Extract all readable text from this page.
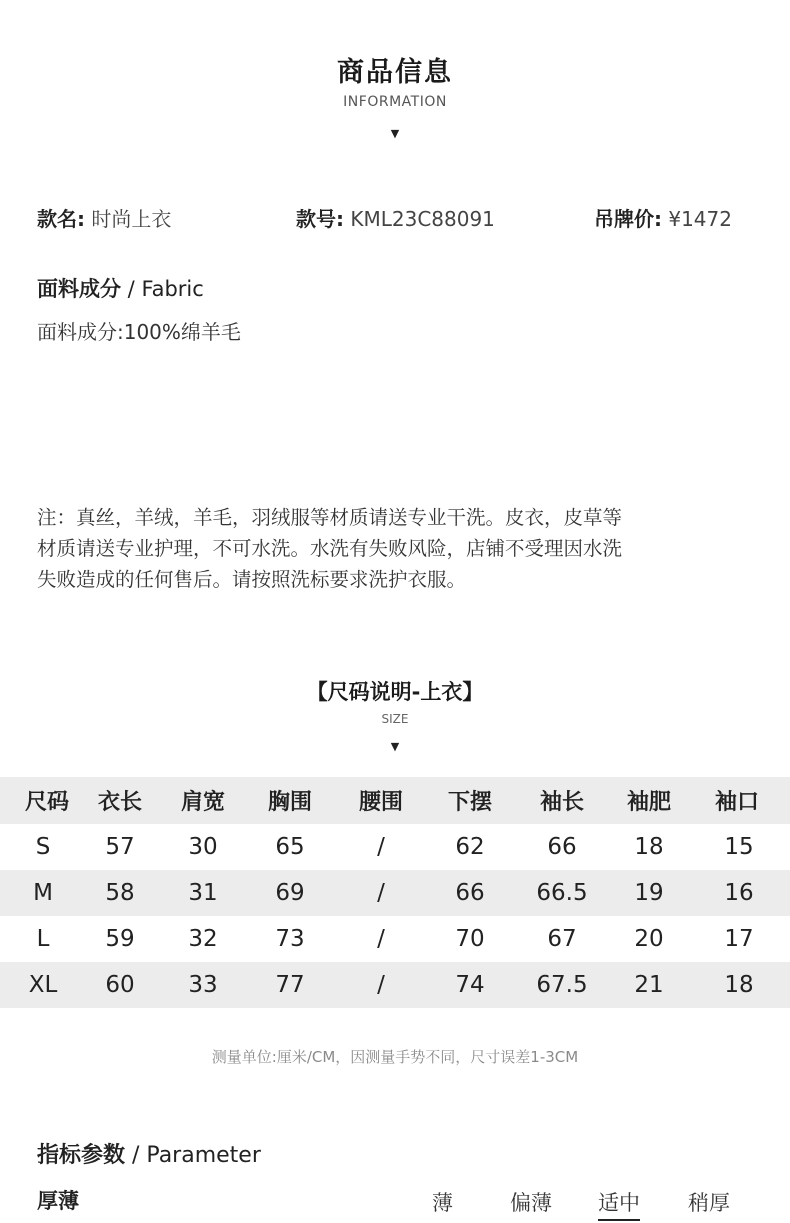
商品信息
INFORMATION
▼
款名: 时尚上衣	款号: KML23C88091	吊牌价: ¥1472
面料成分 / Fabric
面料成分:100%绵羊毛
注：真丝，羊绒，羊毛，羽绒服等材质请送专业干洗。皮衣，皮草等
材质请送专业护理，不可水洗。水洗有失败风险，店铺不受理因水洗
失败造成的任何售后。请按照洗标要求洗护衣服。
【尺码说明-上衣】
SIZE
▼
尺码	衣长	肩宽	胸围	腰围	下摆	袖长	袖肥	袖口
S	57	30	65	/	62	66	18	15
M	58	31	69	/	66	66.5	19	16
L	59	32	73	/	70	67	20	17
XL	60	33	77	/	74	67.5	21	18
测量单位:厘米/CM，因测量手势不同，尺寸误差1-3CM
指标参数 / Parameter
厚薄	薄	偏薄 适中 稍厚
